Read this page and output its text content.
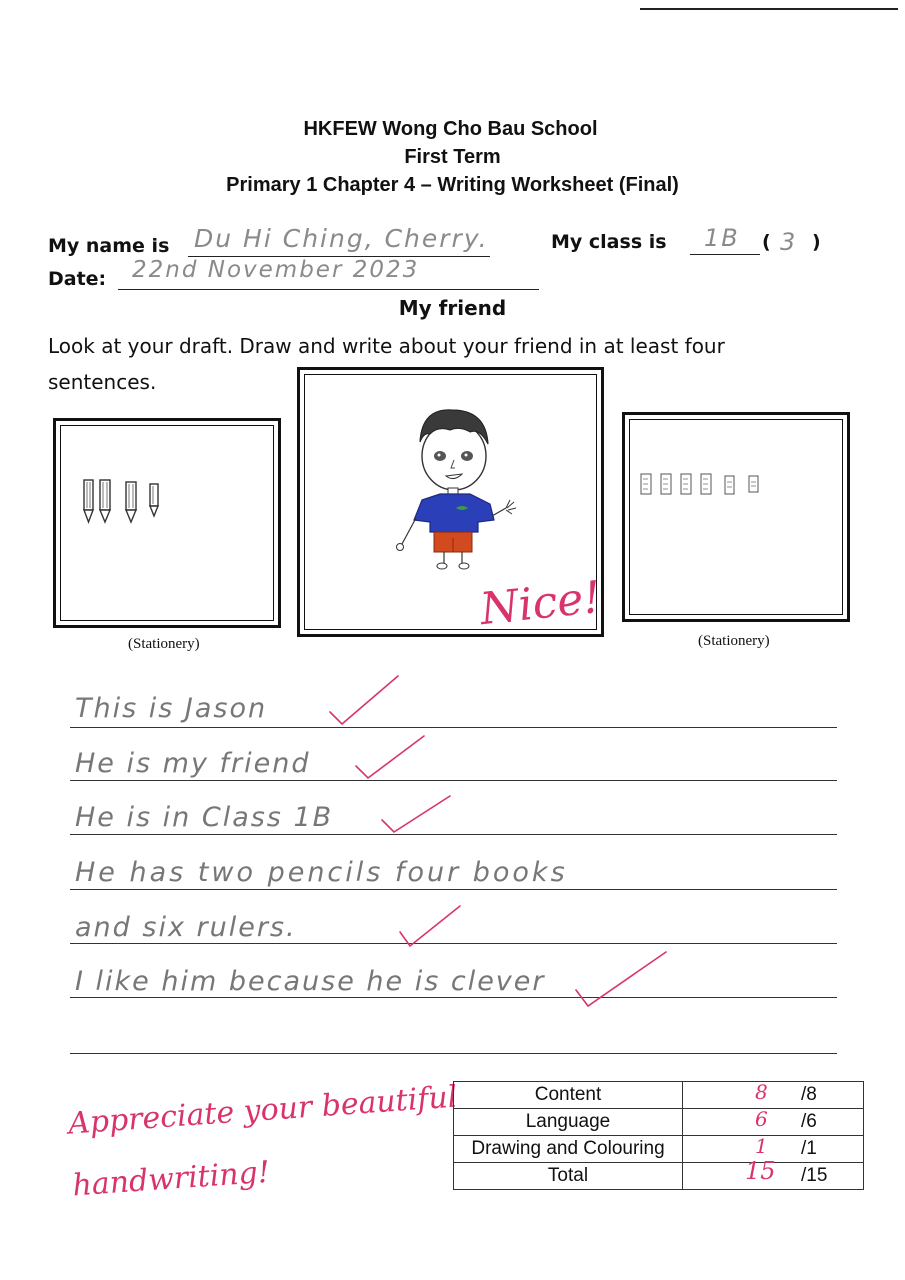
HKFEW Wong Cho Bau School
First Term
Primary 1 Chapter 4 – Writing Worksheet (Final)
My name is Du Hi Ching, Cherry.	My class is 1B ( 3 )
Date: 22nd November 2023
My friend
Look at your draft. Draw and write about your friend in at least four sentences.
(Stationery)
Nice!
(Stationery)
This is Jason
He is my friend
He is in Class 1B
He has two pencils four books
and six rulers.
I like him because he is clever
Appreciate your beautiful handwriting!
Content	8 /8

Language	6 /6

Drawing and Colouring	1 /1

Total	15 /15
